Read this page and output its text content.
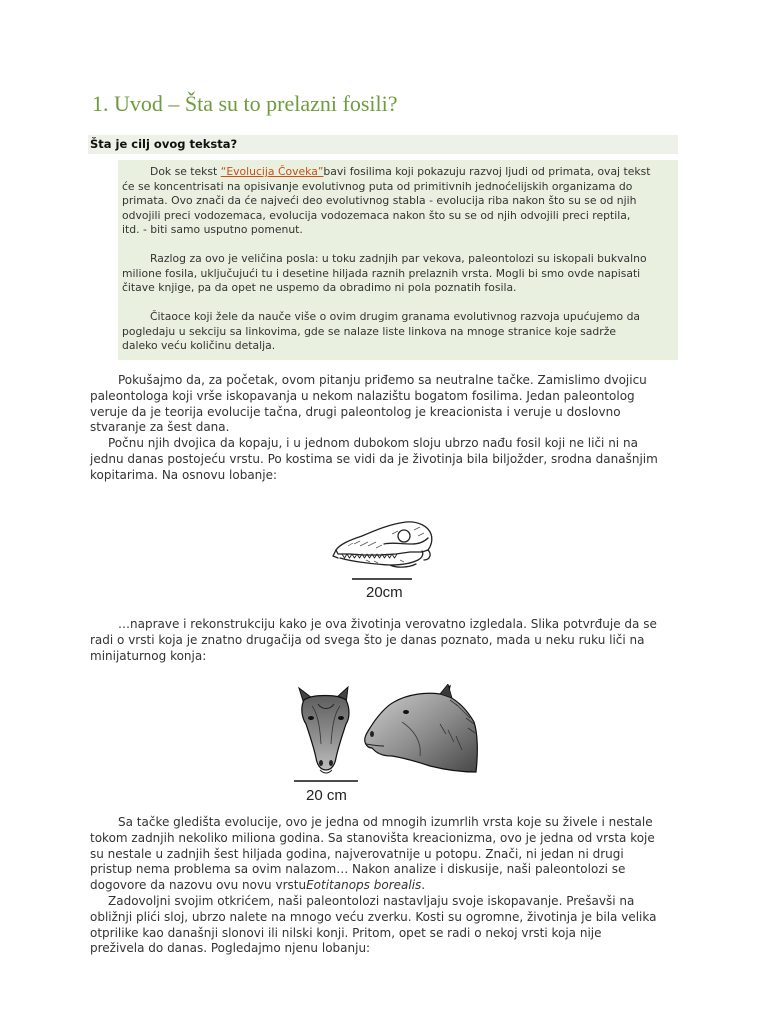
1. Uvod – Šta su to prelazni fosili?
Šta je cilj ovog teksta?
Dok se tekst “Evolucija Čoveka”bavi fosilima koji pokazuju razvoj ljudi od primata, ovaj tekst
će se koncentrisati na opisivanje evolutivnog puta od primitivnih jednoćelijskih organizama do
primata. Ovo znači da će najveći deo evolutivnog stabla - evolucija riba nakon što su se od njih
odvojili preci vodozemaca, evolucija vodozemaca nakon što su se od njih odvojili preci reptila,
itd. - biti samo usputno pomenut.
Razlog za ovo je veličina posla: u toku zadnjih par vekova, paleontolozi su iskopali bukvalno
milione fosila, uključujući tu i desetine hiljada raznih prelaznih vrsta. Mogli bi smo ovde napisati
čitave knjige, pa da opet ne uspemo da obradimo ni pola poznatih fosila.
Čitaoce koji žele da nauče više o ovim drugim granama evolutivnog razvoja upućujemo da
pogledaju u sekciju sa linkovima, gde se nalaze liste linkova na mnoge stranice koje sadrže
daleko veću količinu detalja.
Pokušajmo da, za početak, ovom pitanju priđemo sa neutralne tačke. Zamislimo dvojicu
paleontologa koji vrše iskopavanja u nekom nalazištu bogatom fosilima. Jedan paleontolog
veruje da je teorija evolucije tačna, drugi paleontolog je kreacionista i veruje u doslovno
stvaranje za šest dana.
Počnu njih dvojica da kopaju, i u jednom dubokom sloju ubrzo nađu fosil koji ne liči ni na
jednu danas postojeću vrstu. Po kostima se vidi da je životinja bila biljožder, srodna današnjim
kopitarima. Na osnovu lobanje:
20cm
…naprave i rekonstrukciju kako je ova životinja verovatno izgledala. Slika potvrđuje da se
radi o vrsti koja je znatno drugačija od svega što je danas poznato, mada u neku ruku liči na
minijaturnog konja:
20 cm
Sa tačke gledišta evolucije, ovo je jedna od mnogih izumrlih vrsta koje su živele i nestale
tokom zadnjih nekoliko miliona godina. Sa stanovišta kreacionizma, ovo je jedna od vrsta koje
su nestale u zadnjih šest hiljada godina, najverovatnije u potopu. Znači, ni jedan ni drugi
pristup nema problema sa ovim nalazom… Nakon analize i diskusije, naši paleontolozi se
dogovore da nazovu ovu novu vrstuEotitanops borealis.
Zadovoljni svojim otkrićem, naši paleontolozi nastavljaju svoje iskopavanje. Prešavši na
obližnji plići sloj, ubrzo nalete na mnogo veću zverku. Kosti su ogromne, životinja je bila velika
otprilike kao današnji slonovi ili nilski konji. Pritom, opet se radi o nekoj vrsti koja nije
preživela do danas. Pogledajmo njenu lobanju:
